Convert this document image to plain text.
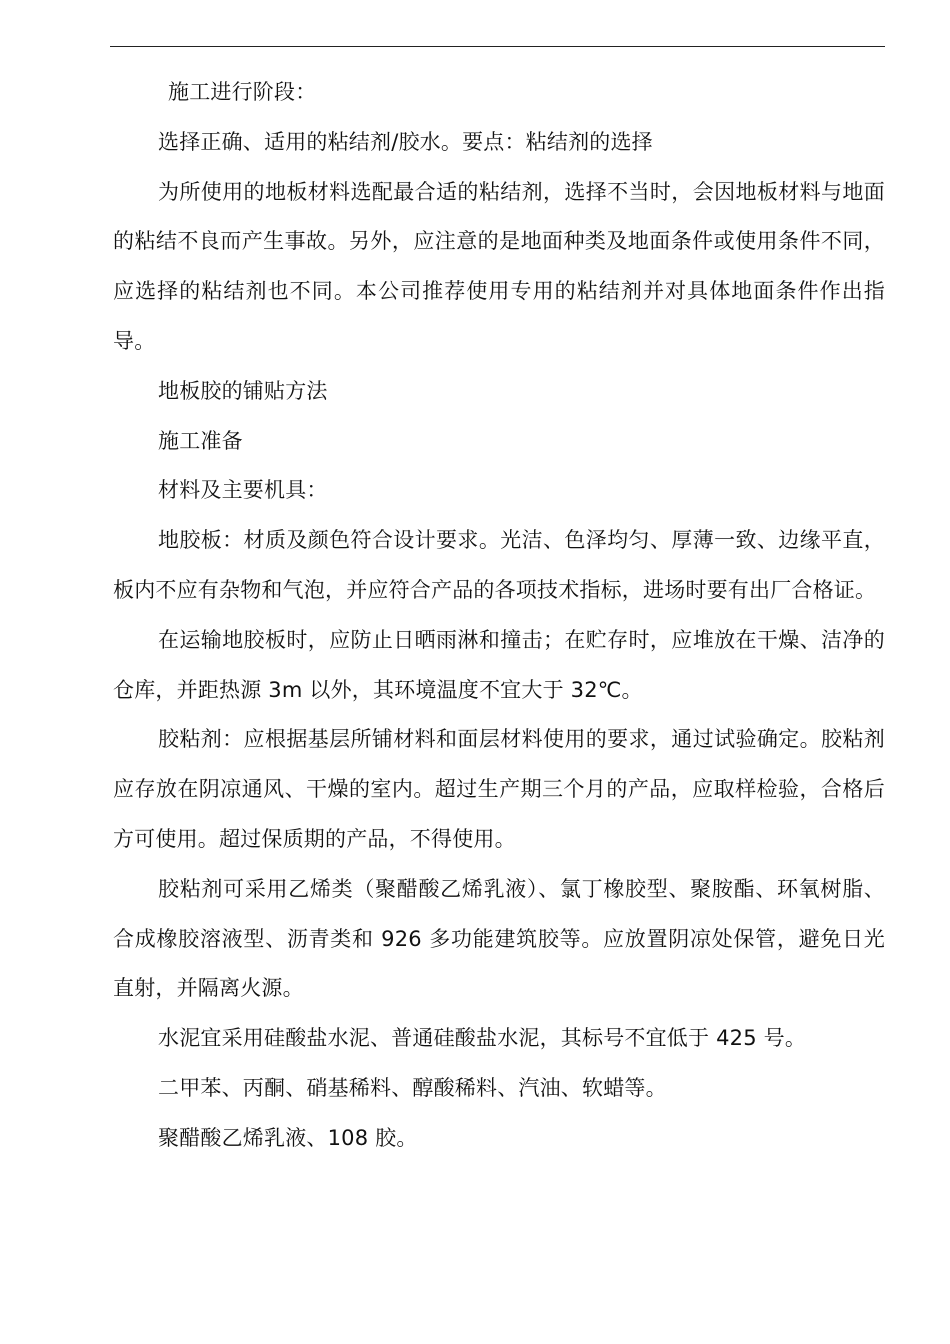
施工进行阶段：

选择正确、适用的粘结剂/胶水。要点：粘结剂的选择

为所使用的地板材料选配最合适的粘结剂，选择不当时，会因地板材料与地面的粘结不良而产生事故。另外，应注意的是地面种类及地面条件或使用条件不同，应选择的粘结剂也不同。本公司推荐使用专用的粘结剂并对具体地面条件作出指导。

地板胶的铺贴方法

施工准备

材料及主要机具：

地胶板：材质及颜色符合设计要求。光洁、色泽均匀、厚薄一致、边缘平直，板内不应有杂物和气泡，并应符合产品的各项技术指标，进场时要有出厂合格证。

在运输地胶板时，应防止日晒雨淋和撞击；在贮存时，应堆放在干燥、洁净的仓库，并距热源 3m 以外，其环境温度不宜大于 32℃。

胶粘剂：应根据基层所铺材料和面层材料使用的要求，通过试验确定。胶粘剂应存放在阴凉通风、干燥的室内。超过生产期三个月的产品，应取样检验，合格后方可使用。超过保质期的产品，不得使用。

胶粘剂可采用乙烯类（聚醋酸乙烯乳液）、氯丁橡胶型、聚胺酯、环氧树脂、合成橡胶溶液型、沥青类和 926 多功能建筑胶等。应放置阴凉处保管，避免日光直射，并隔离火源。

水泥宜采用硅酸盐水泥、普通硅酸盐水泥，其标号不宜低于 425 号。

二甲苯、丙酮、硝基稀料、醇酸稀料、汽油、软蜡等。

聚醋酸乙烯乳液、108 胶。
